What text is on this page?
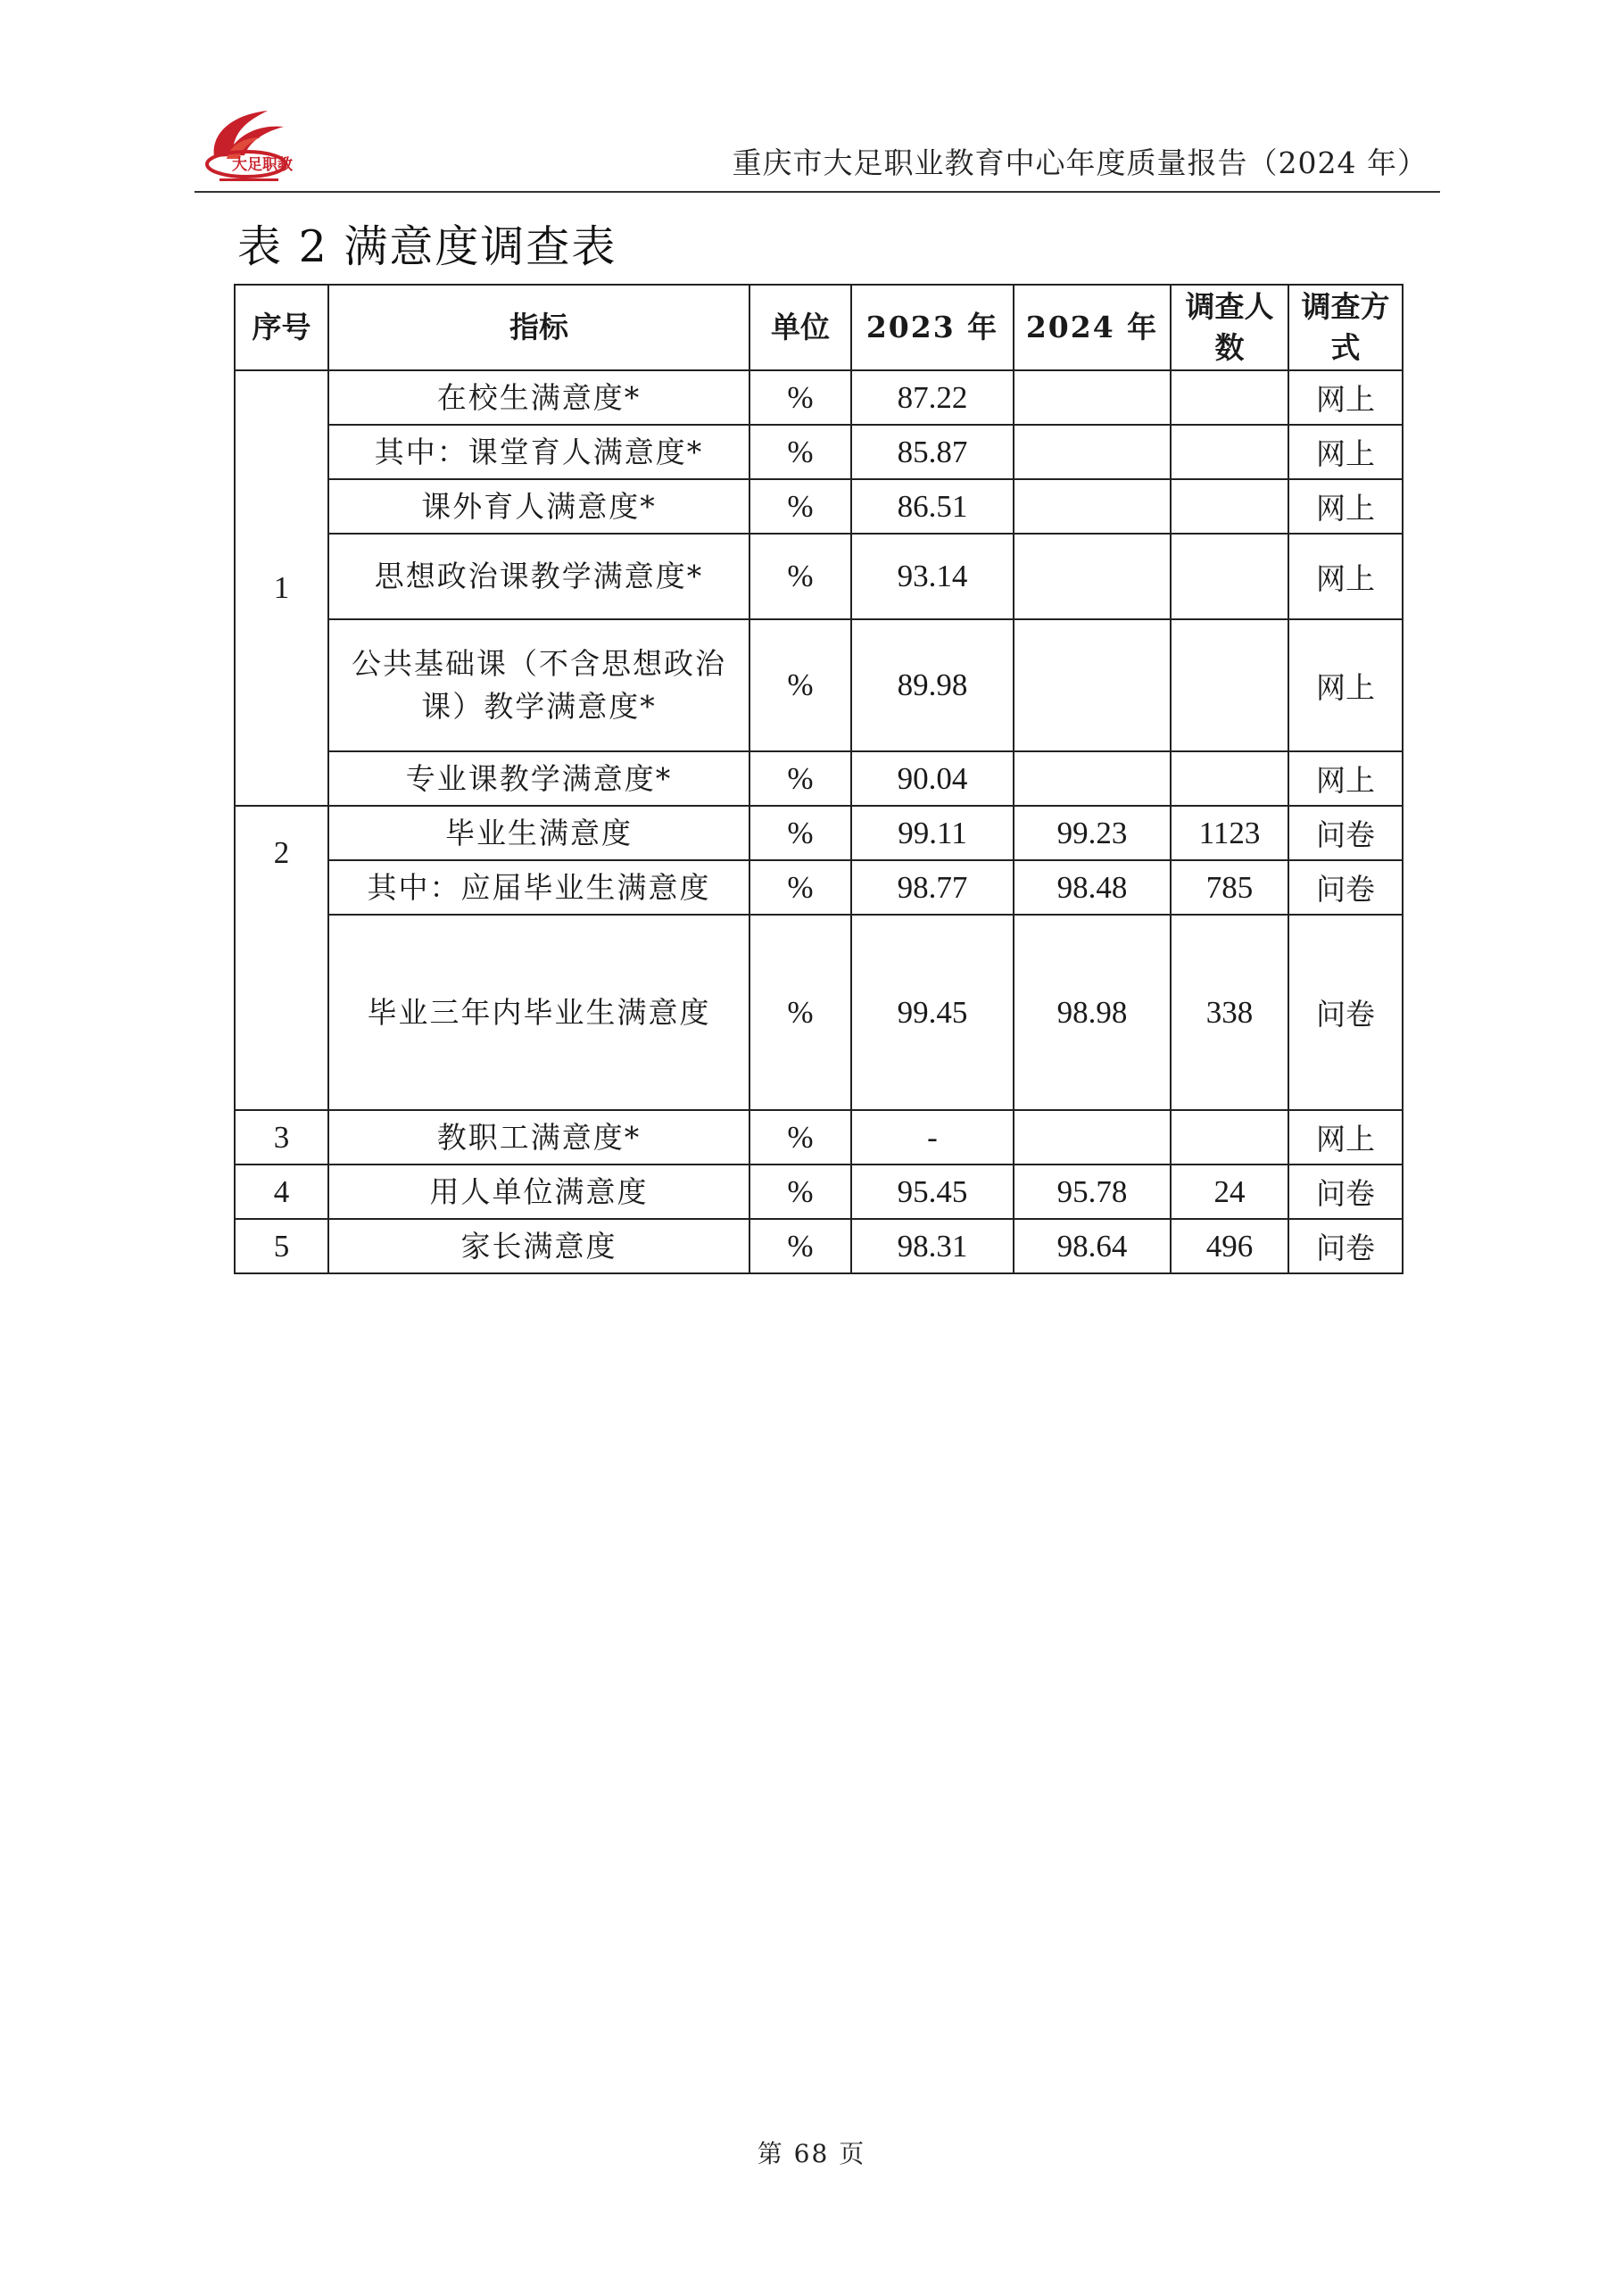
大足职教	重庆市大足职业教育中心年度质量报告（2024 年）
表 2 满意度调查表
序号	指标	单位	2023 年	2024 年	调查人数	调查方式
1	在校生满意度*	%	87.22			网上
	其中：课堂育人满意度*	%	85.87			网上
	课外育人满意度*	%	86.51			网上
	思想政治课教学满意度*	%	93.14			网上
	公共基础课（不含思想政治课）教学满意度*	%	89.98			网上
	专业课教学满意度*	%	90.04			网上
2	毕业生满意度	%	99.11	99.23	1123	问卷
	其中：应届毕业生满意度	%	98.77	98.48	785	问卷
	毕业三年内毕业生满意度	%	99.45	98.98	338	问卷
3	教职工满意度*	%	-			网上
4	用人单位满意度	%	95.45	95.78	24	问卷
5	家长满意度	%	98.31	98.64	496	问卷
第 68 页
